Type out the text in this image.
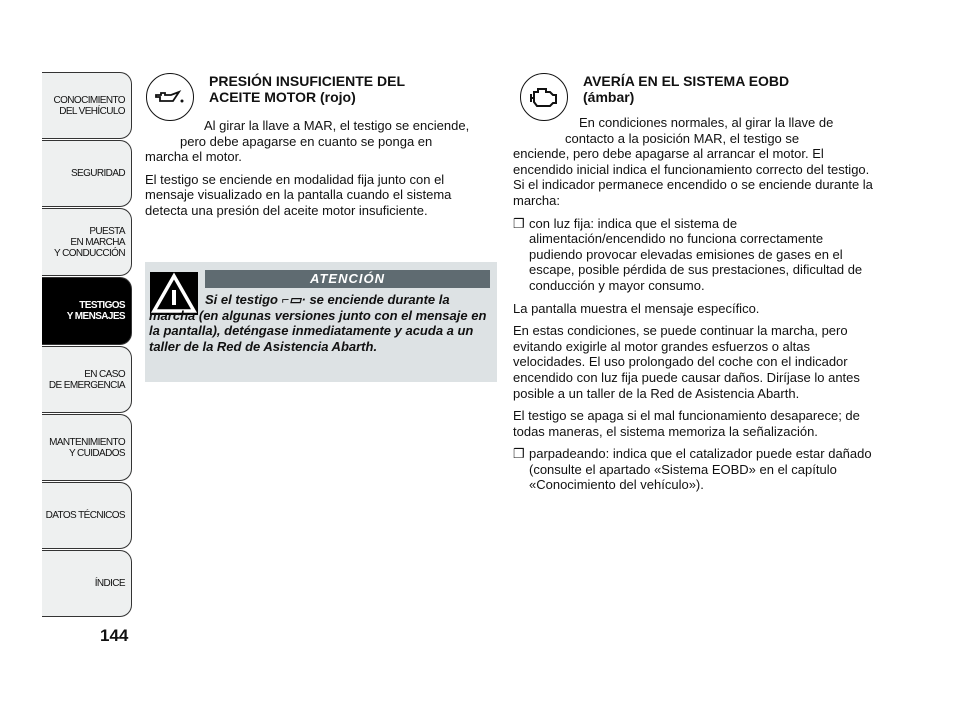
CONOCIMIENTO
DEL VEHÍCULO
SEGURIDAD
PUESTA
EN MARCHA
Y CONDUCCIÓN
TESTIGOS
Y MENSAJES
EN CASO
DE EMERGENCIA
MANTENIMIENTO
Y CUIDADOS
DATOS TÉCNICOS
ÍNDICE
144
PRESIÓN INSUFICIENTE DEL
ACEITE MOTOR (rojo)
Al girar la llave a MAR, el testigo se enciende,
pero debe apagarse en cuanto se ponga en

marcha el motor.

El testigo se enciende en modalidad fija junto con el mensaje visualizado en la pantalla cuando el sistema detecta una presión del aceite motor insuficiente.

ATENCIÓN
Si el testigo ⌐▭· se enciende durante la marcha (en algunas versiones junto con el mensaje en la pantalla), deténgase inmediatamente y acuda a un taller de la Red de Asistencia Abarth.
AVERÍA EN EL SISTEMA EOBD
(ámbar)
En condiciones normales, al girar la llave de
contacto a la posición MAR, el testigo se

enciende, pero debe apagarse al arrancar el motor. El encendido inicial indica el funcionamiento correcto del testigo. Si el indicador permanece encendido o se enciende durante la marcha:

❒ con luz fija: indica que el sistema de alimentación/encendido no funciona correctamente pudiendo provocar elevadas emisiones de gases en el escape, posible pérdida de sus prestaciones, dificultad de conducción y mayor consumo.

La pantalla muestra el mensaje específico.

En estas condiciones, se puede continuar la marcha, pero evitando exigirle al motor grandes esfuerzos o altas velocidades. El uso prolongado del coche con el indicador encendido con luz fija puede causar daños. Diríjase lo antes posible a un taller de la Red de Asistencia Abarth.

El testigo se apaga si el mal funcionamiento desaparece; de todas maneras, el sistema memoriza la señalización.

❒ parpadeando: indica que el catalizador puede estar dañado (consulte el apartado «Sistema EOBD» en el capítulo «Conocimiento del vehículo»).
